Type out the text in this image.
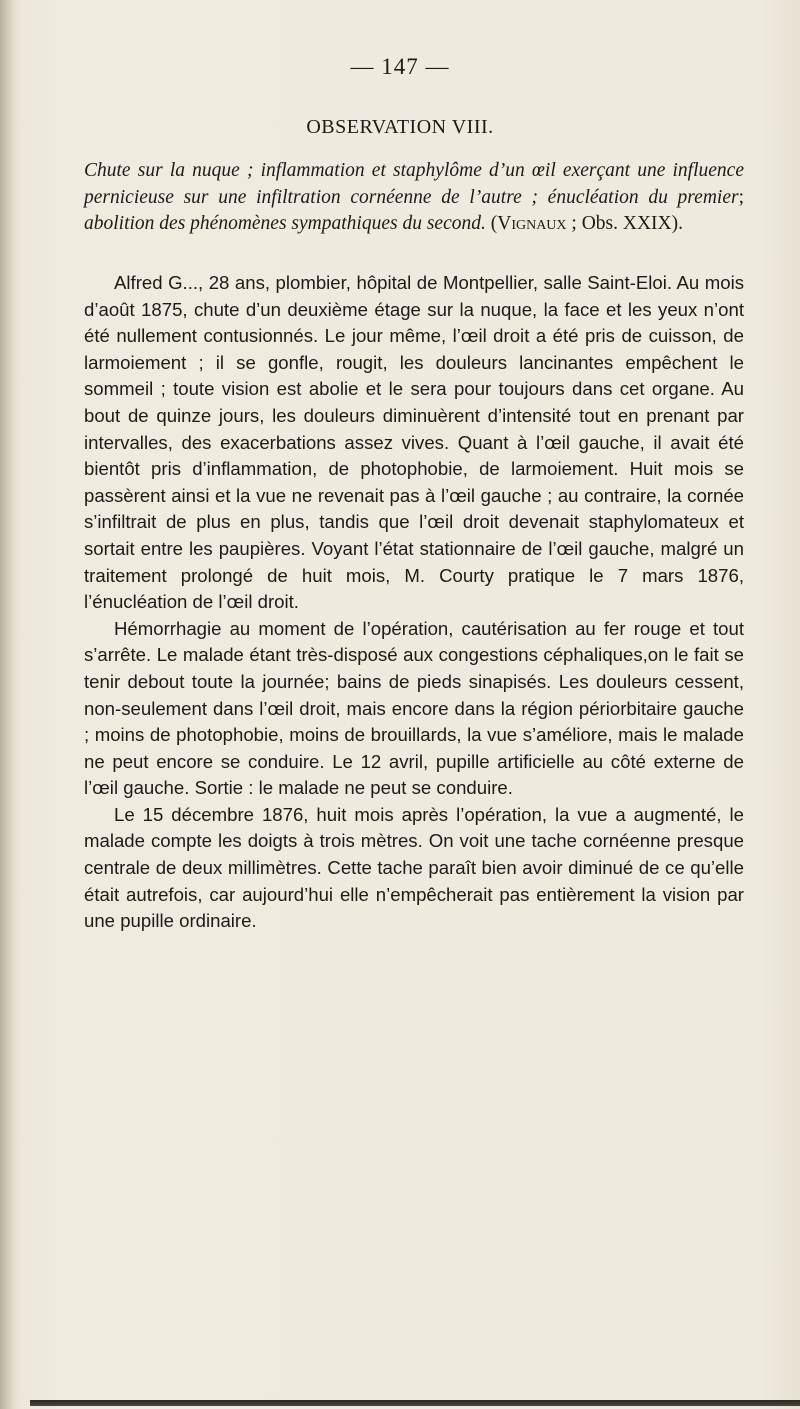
— 147 —
OBSERVATION VIII.
Chute sur la nuque ; inflammation et staphylôme d’un œil exerçant une influence pernicieuse sur une infiltration cornéenne de l’autre ; énucléation du premier; abolition des phénomènes sympathiques du second. (Vignaux ; Obs. XXIX).

Alfred G..., 28 ans, plombier, hôpital de Montpellier, salle Saint-Eloi. Au mois d’août 1875, chute d’un deuxième étage sur la nuque, la face et les yeux n’ont été nullement contusionnés. Le jour même, l’œil droit a été pris de cuisson, de larmoiement ; il se gonfle, rougit, les douleurs lancinantes empêchent le sommeil ; toute vision est abolie et le sera pour toujours dans cet organe. Au bout de quinze jours, les douleurs diminuèrent d’intensité tout en prenant par intervalles, des exacerbations assez vives. Quant à l’œil gauche, il avait été bientôt pris d’inflammation, de photophobie, de larmoiement. Huit mois se passèrent ainsi et la vue ne revenait pas à l’œil gauche ; au contraire, la cornée s’infiltrait de plus en plus, tandis que l’œil droit devenait staphylomateux et sortait entre les paupières. Voyant l’état stationnaire de l’œil gauche, malgré un traitement prolongé de huit mois, M. Courty pratique le 7 mars 1876, l’énucléation de l’œil droit.

Hémorrhagie au moment de l’opération, cautérisation au fer rouge et tout s’arrête. Le malade étant très-disposé aux congestions céphaliques,on le fait se tenir debout toute la journée; bains de pieds sinapisés. Les douleurs cessent, non-seulement dans l’œil droit, mais encore dans la région périorbitaire gauche ; moins de photophobie, moins de brouillards, la vue s’améliore, mais le malade ne peut encore se conduire. Le 12 avril, pupille artificielle au côté externe de l’œil gauche. Sortie : le malade ne peut se conduire.

Le 15 décembre 1876, huit mois après l’opération, la vue a augmenté, le malade compte les doigts à trois mètres. On voit une tache cornéenne presque centrale de deux millimètres. Cette tache paraît bien avoir diminué de ce qu’elle était autrefois, car aujourd’hui elle n’empêcherait pas entièrement la vision par une pupille ordinaire.
